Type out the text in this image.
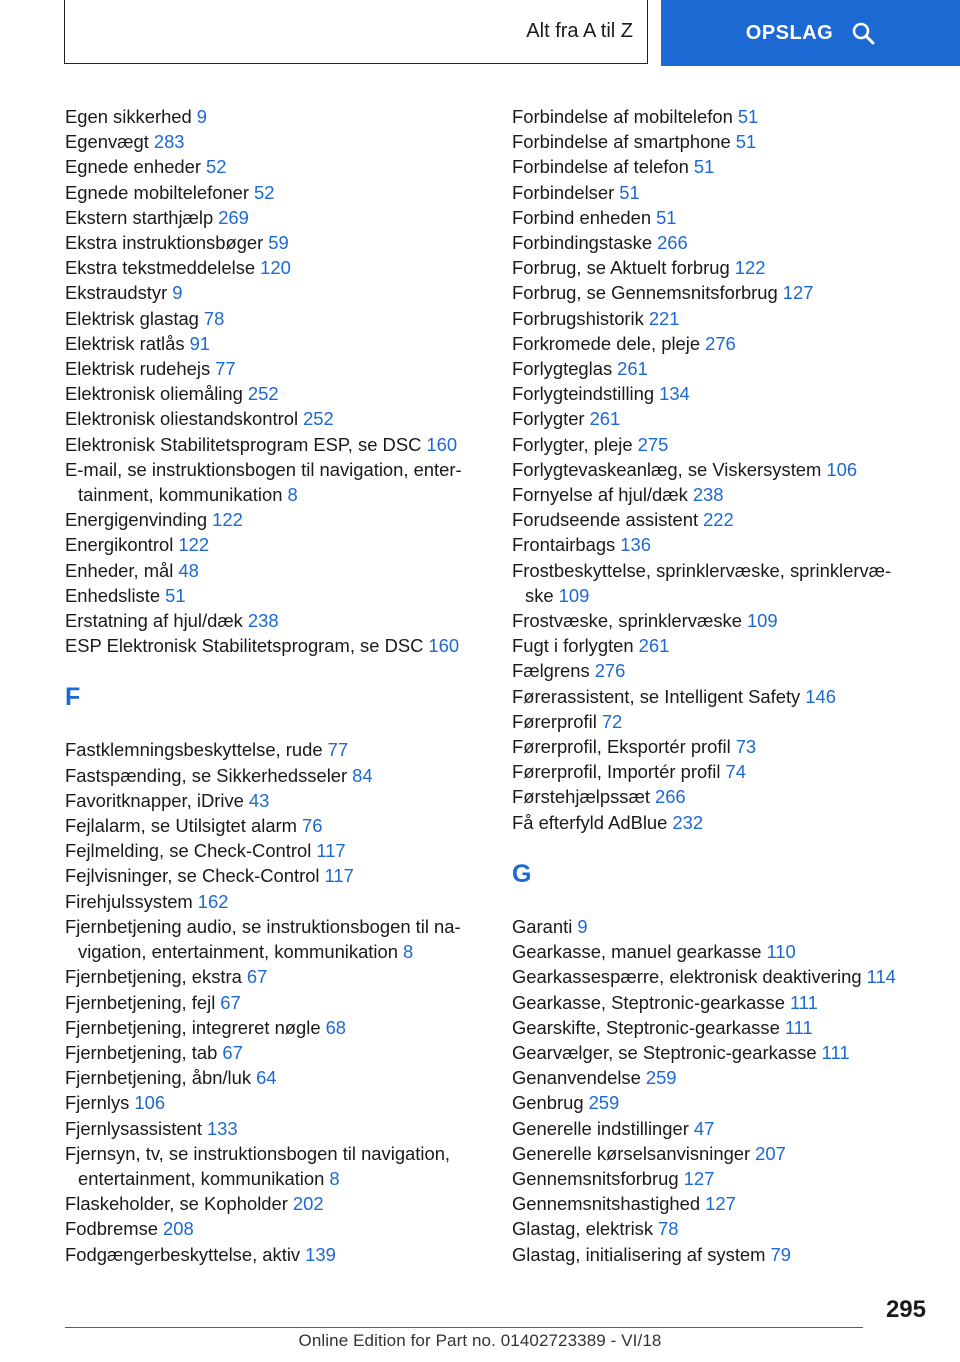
Alt fra A til Z	OPSLAG
Egen sikkerhed 9
Egenvægt 283
Egnede enheder 52
Egnede mobiltelefoner 52
Ekstern starthjælp 269
Ekstra instruktionsbøger 59
Ekstra tekstmeddelelse 120
Ekstraudstyr 9
Elektrisk glastag 78
Elektrisk ratlås 91
Elektrisk rudehejs 77
Elektronisk oliemåling 252
Elektronisk oliestandskontrol 252
Elektronisk Stabilitetsprogram ESP, se DSC 160
E-mail, se instruktionsbogen til navigation, enter-tainment, kommunikation 8
Energigenvinding 122
Energikontrol 122
Enheder, mål 48
Enhedsliste 51
Erstatning af hjul/dæk 238
ESP Elektronisk Stabilitetsprogram, se DSC 160
F
Fastklemningsbeskyttelse, rude 77
Fastspænding, se Sikkerhedsseler 84
Favoritknapper, iDrive 43
Fejlalarm, se Utilsigtet alarm 76
Fejlmelding, se Check-Control 117
Fejlvisninger, se Check-Control 117
Firehjulssystem 162
Fjernbetjening audio, se instruktionsbogen til na-vigation, entertainment, kommunikation 8
Fjernbetjening, ekstra 67
Fjernbetjening, fejl 67
Fjernbetjening, integreret nøgle 68
Fjernbetjening, tab 67
Fjernbetjening, åbn/luk 64
Fjernlys 106
Fjernlysassistent 133
Fjernsyn, tv, se instruktionsbogen til navigation, entertainment, kommunikation 8
Flaskeholder, se Kopholder 202
Fodbremse 208
Fodgængerbeskyttelse, aktiv 139
Forbindelse af mobiltelefon 51
Forbindelse af smartphone 51
Forbindelse af telefon 51
Forbindelser 51
Forbind enheden 51
Forbindingstaske 266
Forbrug, se Aktuelt forbrug 122
Forbrug, se Gennemsnitsforbrug 127
Forbrugshistorik 221
Forkromede dele, pleje 276
Forlygteglas 261
Forlygteindstilling 134
Forlygter 261
Forlygter, pleje 275
Forlygtevaskeanlæg, se Viskersystem 106
Fornyelse af hjul/dæk 238
Forudseende assistent 222
Frontairbags 136
Frostbeskyttelse, sprinklervæske, sprinklervæ-ske 109
Frostvæske, sprinklervæske 109
Fugt i forlygten 261
Fælgrens 276
Førerassistent, se Intelligent Safety 146
Førerprofil 72
Førerprofil, Eksportér profil 73
Førerprofil, Importér profil 74
Førstehjælpssæt 266
Få efterfyld AdBlue 232
G
Garanti 9
Gearkasse, manuel gearkasse 110
Gearkassespærre, elektronisk deaktivering 114
Gearkasse, Steptronic-gearkasse 111
Gearskifte, Steptronic-gearkasse 111
Gearvælger, se Steptronic-gearkasse 111
Genanvendelse 259
Genbrug 259
Generelle indstillinger 47
Generelle kørselsanvisninger 207
Gennemsnitsforbrug 127
Gennemsnitshastighed 127
Glastag, elektrisk 78
Glastag, initialisering af system 79
295
Online Edition for Part no. 01402723389 - VI/18
